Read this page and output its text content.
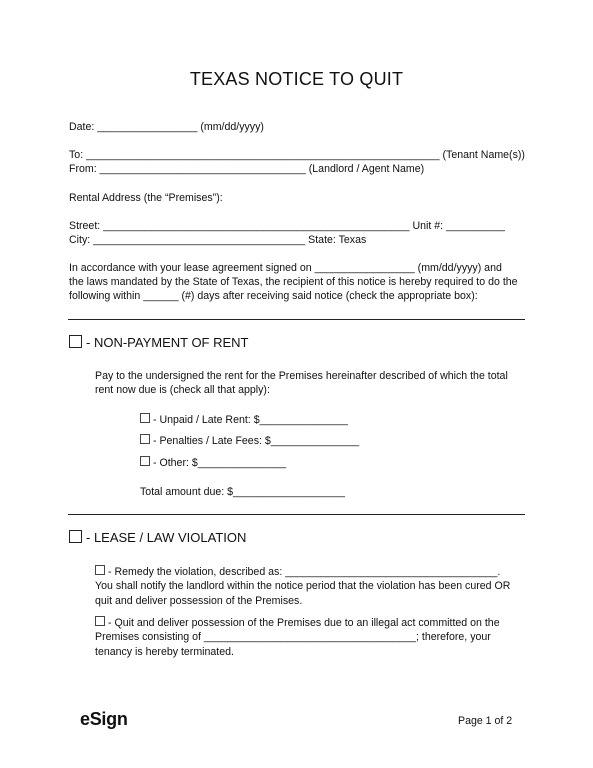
TEXAS NOTICE TO QUIT
Date: _________________ (mm/dd/yyyy)
To: ____________________________________________________________ (Tenant Name(s))
From: ___________________________________ (Landlord / Agent Name)
Rental Address (the “Premises”):
Street: ____________________________________________________ Unit #: __________
City: ____________________________________ State: Texas
In accordance with your lease agreement signed on _________________ (mm/dd/yyyy) and
the laws mandated by the State of Texas, the recipient of this notice is hereby required to do the
following within ______ (#) days after receiving said notice (check the appropriate box):
- NON-PAYMENT OF RENT
Pay to the undersigned the rent for the Premises hereinafter described of which the total
rent now due is (check all that apply):
- Unpaid / Late Rent: $_______________
- Penalties / Late Fees: $_______________
- Other: $_______________
Total amount due: $___________________
- LEASE / LAW VIOLATION
- Remedy the violation, described as: ____________________________________.
You shall notify the landlord within the notice period that the violation has been cured OR
quit and deliver possession of the Premises.
- Quit and deliver possession of the Premises due to an illegal act committed on the
Premises consisting of ____________________________________; therefore, your
tenancy is hereby terminated.
eSign	Page 1 of 2
